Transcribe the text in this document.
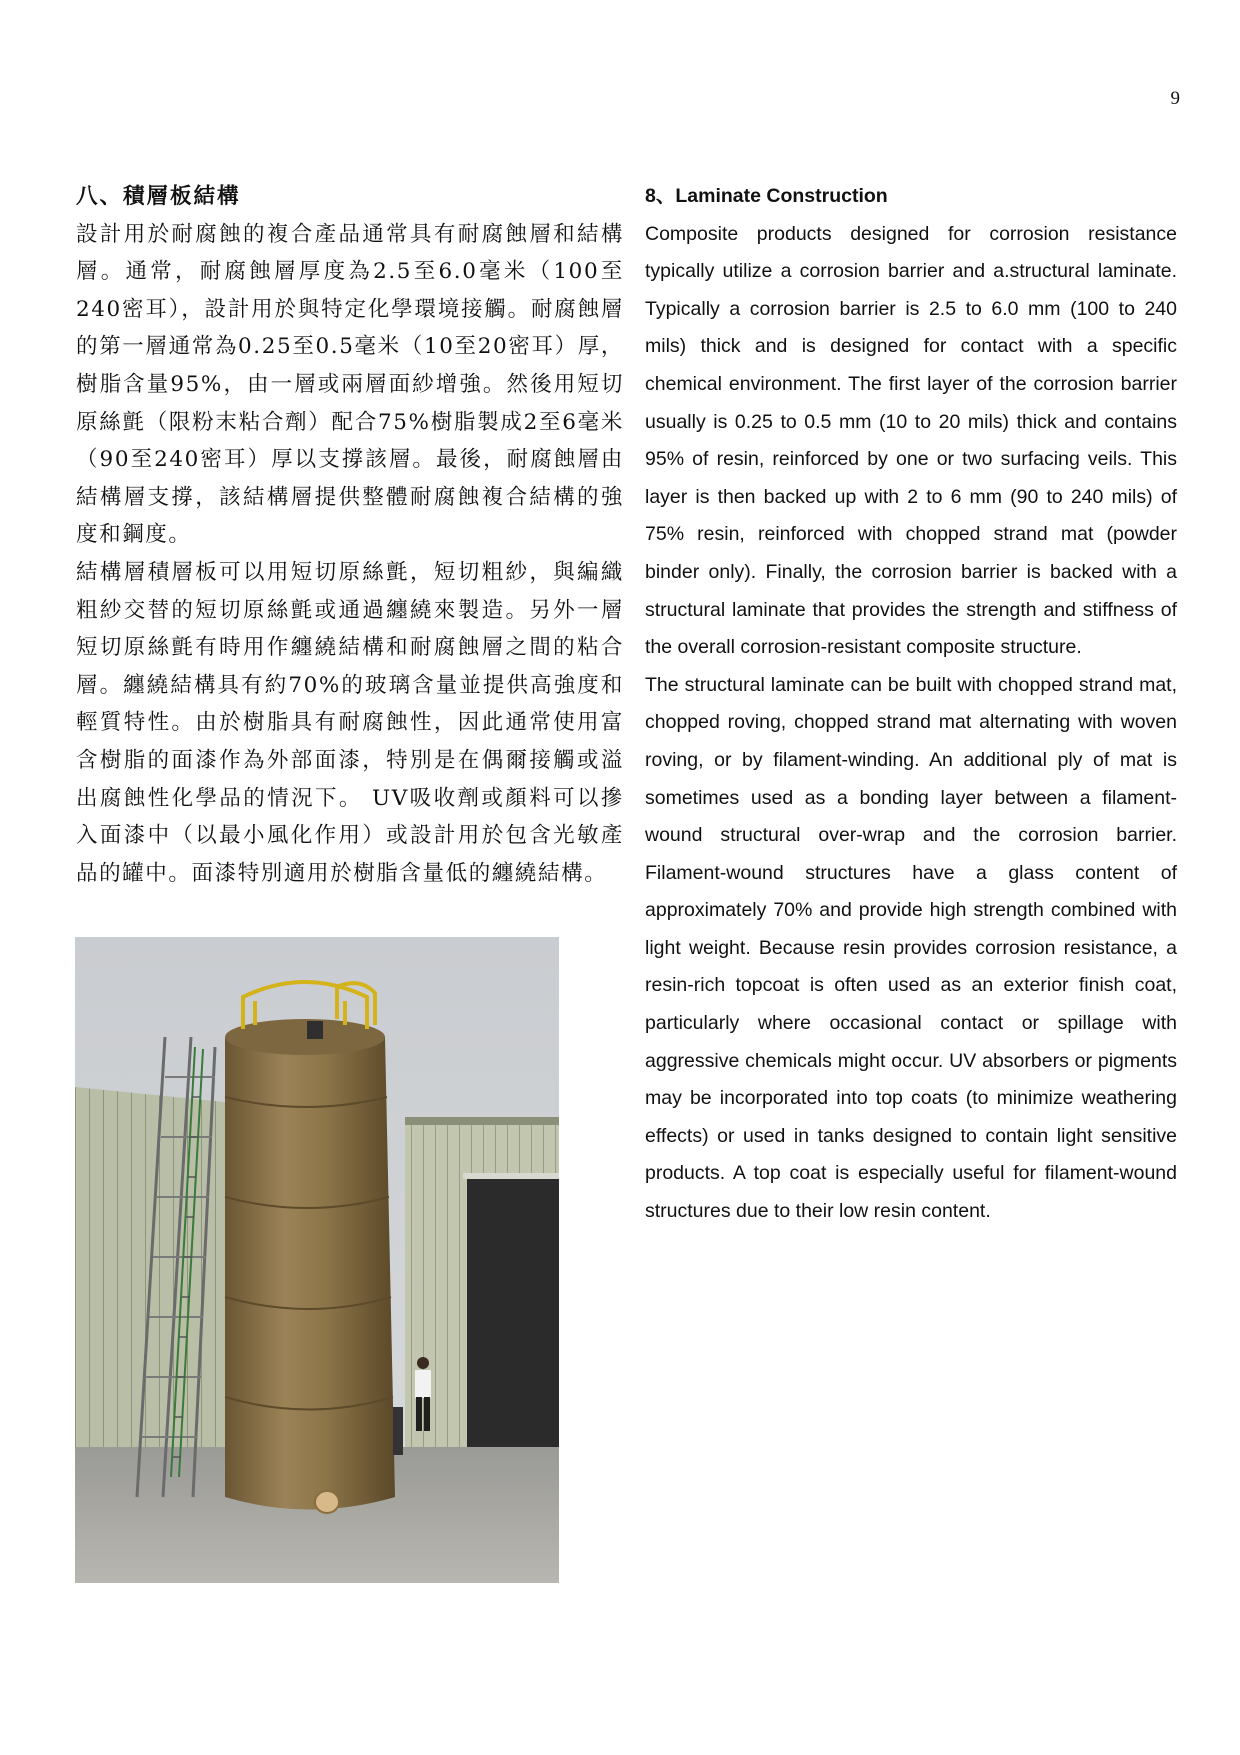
9
八、積層板結構

設計用於耐腐蝕的複合產品通常具有耐腐蝕層和結構層。通常，耐腐蝕層厚度為2.5至6.0毫米（100至240密耳），設計用於與特定化學環境接觸。耐腐蝕層的第一層通常為0.25至0.5毫米（10至20密耳）厚，樹脂含量95%，由一層或兩層面紗增強。然後用短切原絲氈（限粉末粘合劑）配合75%樹脂製成2至6毫米（90至240密耳）厚以支撐該層。最後，耐腐蝕層由結構層支撐，該結構層提供整體耐腐蝕複合結構的強度和鋼度。

結構層積層板可以用短切原絲氈，短切粗紗，與編織粗紗交替的短切原絲氈或通過纏繞來製造。另外一層短切原絲氈有時用作纏繞結構和耐腐蝕層之間的粘合層。纏繞結構具有約70%的玻璃含量並提供高強度和輕質特性。由於樹脂具有耐腐蝕性，因此通常使用富含樹脂的面漆作為外部面漆，特別是在偶爾接觸或溢出腐蝕性化學品的情況下。 UV吸收劑或顏料可以摻入面漆中（以最小風化作用）或設計用於包含光敏產品的罐中。面漆特別適用於樹脂含量低的纏繞結構。

8、Laminate Construction

Composite products designed for corrosion resistance typically utilize a corrosion barrier and a.structural laminate. Typically a corrosion barrier is 2.5 to 6.0 mm (100 to 240 mils) thick and is designed for contact with a specific chemical environment. The first layer of the corrosion barrier usually is 0.25 to 0.5 mm (10 to 20 mils) thick and contains 95% of resin, reinforced by one or two surfacing veils. This layer is then backed up with 2 to 6 mm (90 to 240 mils) of 75% resin, reinforced with chopped strand mat (powder binder only). Finally, the corrosion barrier is backed with a structural laminate that provides the strength and stiffness of the overall corrosion-resistant composite structure.

The structural laminate can be built with chopped strand mat, chopped roving, chopped strand mat alternating with woven roving, or by filament-winding. An additional ply of mat is sometimes used as a bonding layer between a filament-wound structural over-wrap and the corrosion barrier. Filament-wound structures have a glass content of approximately 70% and provide high strength combined with light weight. Because resin provides corrosion resistance, a resin-rich topcoat is often used as an exterior finish coat, particularly where occasional contact or spillage with aggressive chemicals might occur. UV absorbers or pigments may be incorporated into top coats (to minimize weathering effects) or used in tanks designed to contain light sensitive products. A top coat is especially useful for filament-wound structures due to their low resin content.
